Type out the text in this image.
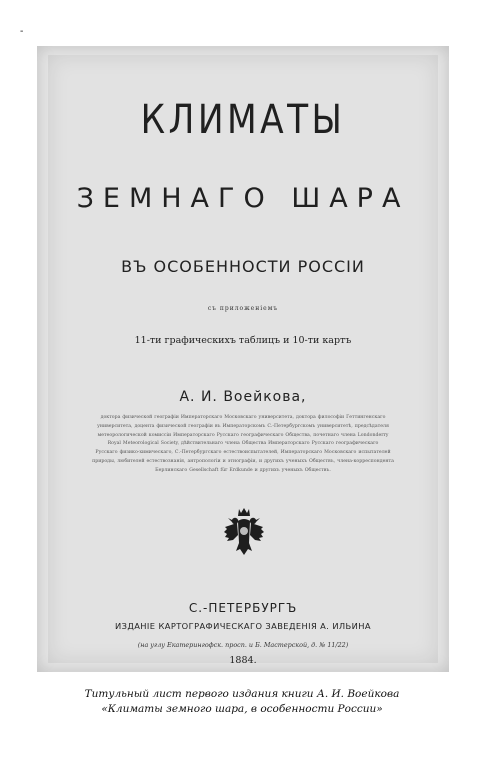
-
КЛИМАТЫ
ЗЕМНАГО ШАРА
ВЪ ОСОБЕННОСТИ РОССІИ
съ приложеніемъ
11-ти графическихъ таблицъ и 10-ти картъ
А. И. Воейкова,
доктора физической географіи Императорскаго Московскаго университета, доктора философіи Геттингенскаго
университета, доцента физической географіи въ Императорскомъ С.-Петербургскомъ университетѣ, предсѣдателя
метеорологической комиссіи Императорскаго Русскаго географическаго Общества, почетнаго члена Londonderry
Royal Meteorological Society, дѣйствительнаго члена Общества Императорскаго Русскаго географическаго
Русскаго физико-химическаго, С.-Петербургскаго естествоиспытателей, Императорскаго Московскаго испытателей
природы, любителей естествознанія, антропологіи и этнографіи, и другихъ ученыхъ Обществъ, члена-корреспондента
Берлинскаго Gesellschaft für Erdkunde и другихъ ученыхъ Обществъ.
С.-ПЕТЕРБУРГЪ
ИЗДАНІЕ КАРТОГРАФИЧЕСКАГО ЗАВЕДЕНІЯ А. ИЛЬИНА
(на углу Екатерингофск. просп. и Б. Мастерской, д. № 11/22)
1884.
Титульный лист первого издания книги А. И. Воейкова
«Климаты земного шара, в особенности России»
